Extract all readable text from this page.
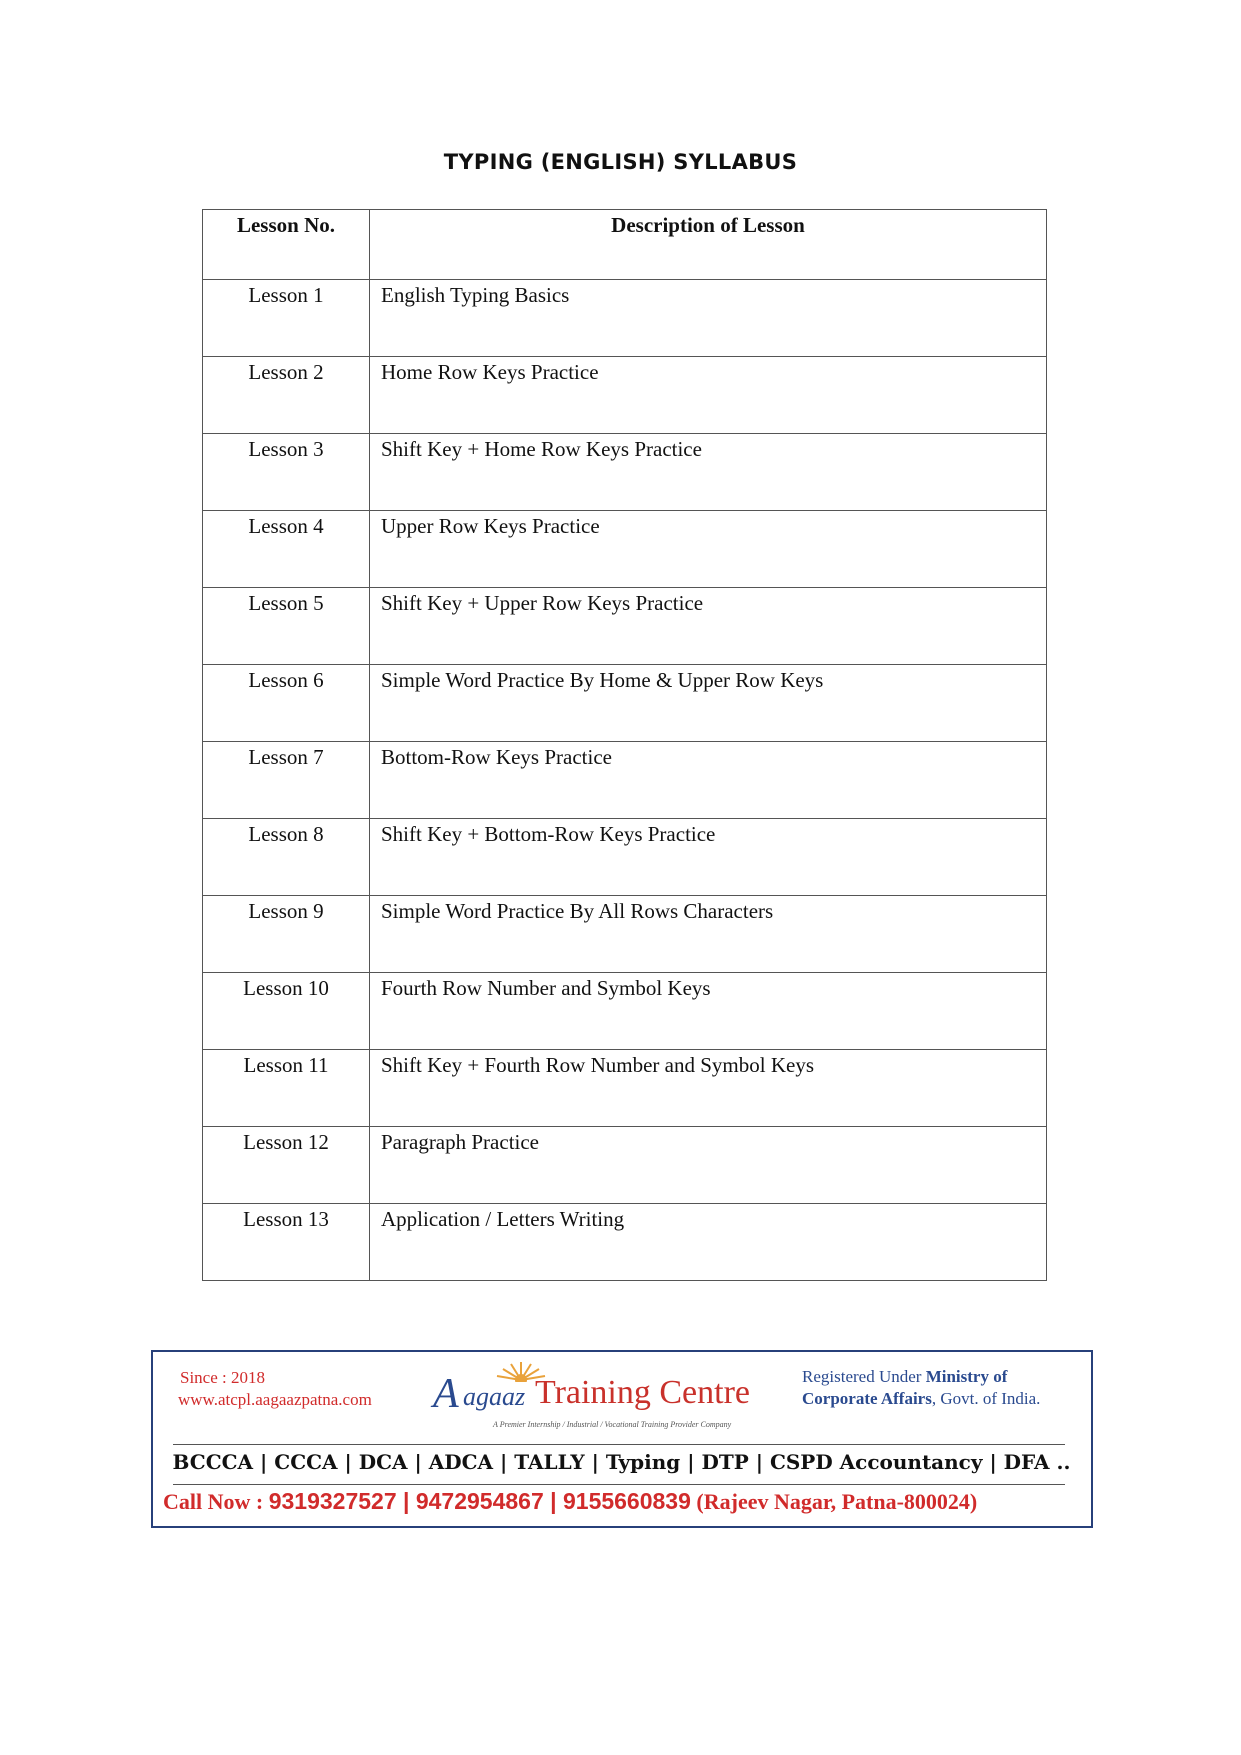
TYPING (ENGLISH) SYLLABUS
Lesson No.	Description of Lesson
Lesson 1	English Typing Basics
Lesson 2	Home Row Keys Practice
Lesson 3	Shift Key + Home Row Keys Practice
Lesson 4	Upper Row Keys Practice
Lesson 5	Shift Key + Upper Row Keys Practice
Lesson 6	Simple Word Practice By Home & Upper Row Keys
Lesson 7	Bottom-Row Keys Practice
Lesson 8	Shift Key + Bottom-Row Keys Practice
Lesson 9	Simple Word Practice By All Rows Characters
Lesson 10	Fourth Row Number and Symbol Keys
Lesson 11	Shift Key + Fourth Row Number and Symbol Keys
Lesson 12	Paragraph Practice
Lesson 13	Application / Letters Writing
Since : 2018
www.atcpl.aagaazpatna.com A agaaz Training Centre
A Premier Internship / Industrial / Vocational Training Provider Company
Registered Under Ministry of
Corporate Affairs, Govt. of India.
BCCCA | CCCA | DCA | ADCA | TALLY | Typing | DTP | CSPD Accountancy | DFA ..
Call Now : 9319327527 | 9472954867 | 9155660839 (Rajeev Nagar, Patna-800024)
